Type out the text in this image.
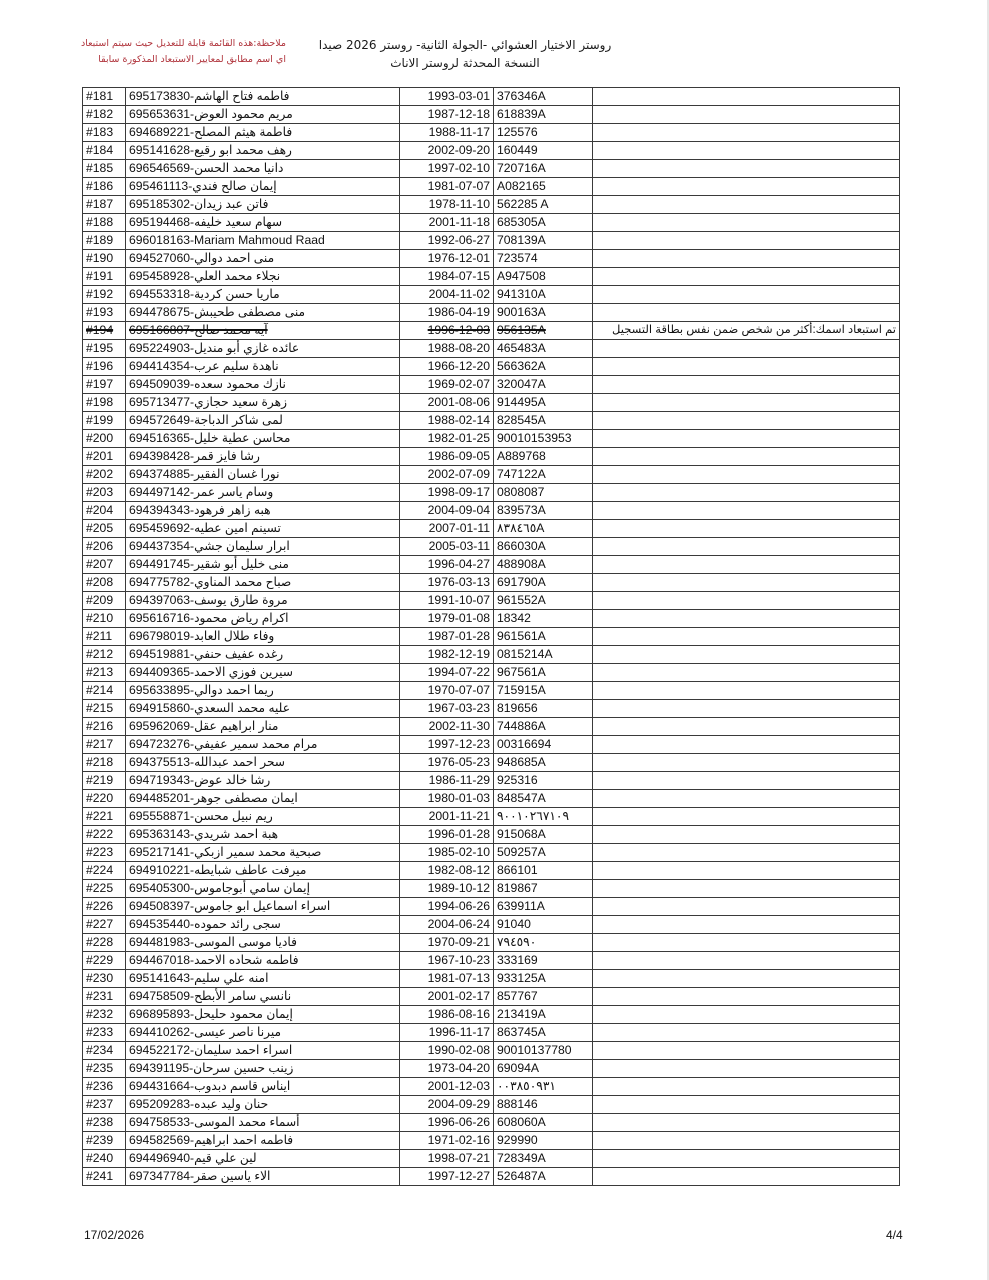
ملاحظة:هذه القائمة قابلة للتعديل حيث سيتم استبعاد
اي اسم مطابق لمعايير الاستبعاد المذكورة سابقا
روستر الاختيار العشوائي -الجولة الثانية- روستر 2026 صيدا
النسخة المحدثة لروستر الاناث
#181	695173830-فاطمه فتاح الهاشم	1993-03-01	376346A	
#182	695653631-مريم محمود العوض	1987-12-18	618839A	
#183	694689221-فاطمة هيثم المصلح	1988-11-17	125576	
#184	695141628-رهف محمد ابو رقيع	2002-09-20	160449	
#185	696546569-دانيا محمد الحسن	1997-02-10	720716A	
#186	695461113-إيمان صالح فندي	1981-07-07	A082165	
#187	695185302-فاتن عبد زيدان	1978-11-10	562285 A	
#188	695194468-سهام سعيد خليفه	2001-11-18	685305A	
#189	696018163-Mariam Mahmoud Raad	1992-06-27	708139A	
#190	694527060-منى احمد دوالي	1976-12-01	723574	
#191	695458928-نجلاء محمد العلي	1984-07-15	A947508	
#192	694553318-ماريا حسن كردية	2004-11-02	941310A	
#193	694478675-منى مصطفى طحيبش	1986-04-19	900163A	
#194	695166807-آيه محمد صالح	1996-12-03	956135A	تم استبعاد اسمك:أكثر من شخص ضمن نفس بطاقة التسجيل
#195	695224903-عائده غازي أبو منديل	1988-08-20	465483A	
#196	694414354-ناهدة سليم عرب	1966-12-20	566362A	
#197	694509039-نازك محمود سعده	1969-02-07	320047A	
#198	695713477-زهرة سعيد حجازي	2001-08-06	914495A	
#199	694572649-لمى شاكر الدباجة	1988-02-14	828545A	
#200	694516365-محاسن عطية خليل	1982-01-25	90010153953	
#201	694398428-رشا فايز قمر	1986-09-05	A889768	
#202	694374885-نورا غسان الفقير	2002-07-09	747122A	
#203	694497142-وسام ياسر عمر	1998-09-17	0808087	
#204	694394343-هبه زاهر فرهود	2004-09-04	839573A	
#205	695459692-تسينم امين عطيه	2007-01-11	٨٣٨٤٦٥A	
#206	694437354-ابرار سليمان جشي	2005-03-11	866030A	
#207	694491745-منى خليل أبو شقير	1996-04-27	488908A	
#208	694775782-صباح محمد المناوي	1976-03-13	691790A	
#209	694397063-مروة طارق يوسف	1991-10-07	961552A	
#210	695616716-اكرام رياض محمود	1979-01-08	18342	
#211	696798019-وفاء طلال العابد	1987-01-28	961561A	
#212	694519881-رغده عفيف حنفي	1982-12-19	0815214A	
#213	694409365-سيرين فوزي الاحمد	1994-07-22	967561A	
#214	695633895-ريما احمد دوالي	1970-07-07	715915A	
#215	694915860-عليه محمد السعدي	1967-03-23	819656	
#216	695962069-منار ابراهيم عقل	2002-11-30	744886A	
#217	694723276-مرام محمد سمير عفيفي	1997-12-23	00316694	
#218	694375513-سحر احمد عبدالله	1976-05-23	948685A	
#219	694719343-رشا خالد عوض	1986-11-29	925316	
#220	694485201-ايمان مصطفى جوهر	1980-01-03	848547A	
#221	695558871-ريم نبيل محسن	2001-11-21	٩٠٠١٠٢٦٧١٠٩	
#222	695363143-هبة احمد شريدي	1996-01-28	915068A	
#223	695217141-صبحية محمد سمير ازبكي	1985-02-10	509257A	
#224	694910221-ميرفت عاطف شبايطه	1982-08-12	866101	
#225	695405300-إيمان سامي أبوجاموس	1989-10-12	819867	
#226	694508397-اسراء اسماعيل ابو جاموس	1994-06-26	639911A	
#227	694535440-سجى رائد حموده	2004-06-24	91040	
#228	694481983-فاديا موسى الموسى	1970-09-21	٧٩٤٥٩٠	
#229	694467018-فاطمه شحاده الاحمد	1967-10-23	333169	
#230	695141643-امنه علي سليم	1981-07-13	933125A	
#231	694758509-نانسي سامر الأبطح	2001-02-17	857767	
#232	696895893-إيمان محمود حليحل	1986-08-16	213419A	
#233	694410262-ميرنا ناصر عيسى	1996-11-17	863745A	
#234	694522172-اسراء احمد سليمان	1990-02-08	90010137780	
#235	694391195-زينب حسين سرحان	1973-04-20	69094A	
#236	694431664-ايناس قاسم دبدوب	2001-12-03	٠٠٣٨٥٠٩٣١	
#237	695209283-حنان وليد عبده	2004-09-29	888146	
#238	694758533-أسماء محمد الموسى	1996-06-26	608060A	
#239	694582569-فاطمه احمد ابراهيم	1971-02-16	929990	
#240	694496940-لين علي قيم	1998-07-21	728349A	
#241	697347784-الاء ياسين صقر	1997-12-27	526487A	
17/02/2026	4/4
